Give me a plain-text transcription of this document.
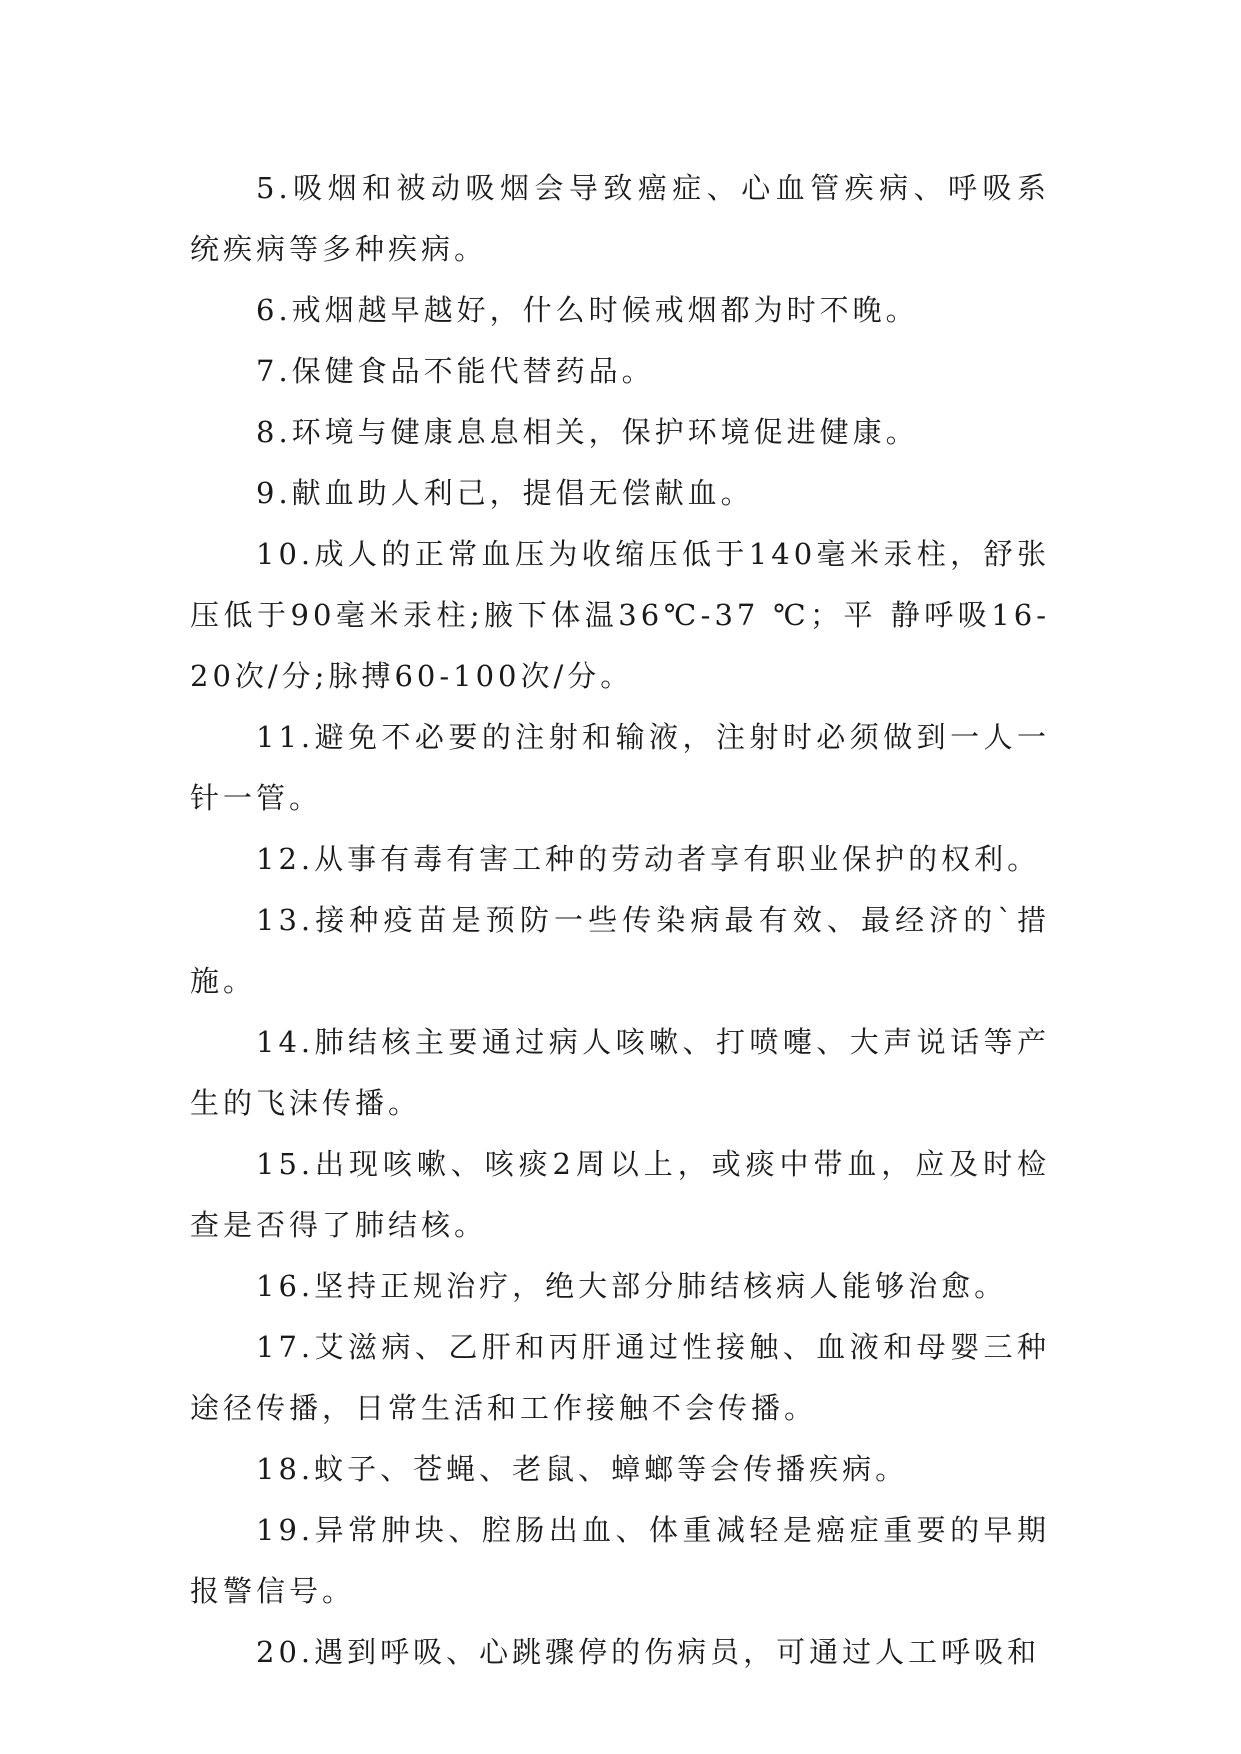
5.吸烟和被动吸烟会导致癌症、心血管疾病、呼吸系统疾病等多种疾病。

6.戒烟越早越好，什么时候戒烟都为时不晚。

7.保健食品不能代替药品。

8.环境与健康息息相关，保护环境促进健康。

9.献血助人利己，提倡无偿献血。

10.成人的正常血压为收缩压低于140毫米汞柱，舒张压低于90毫米汞柱;腋下体温36℃-37 ℃；平 静呼吸16-20次/分;脉搏60-100次/分。

11.避免不必要的注射和输液，注射时必须做到一人一针一管。

12.从事有毒有害工种的劳动者享有职业保护的权利。

13.接种疫苗是预防一些传染病最有效、最经济的`措施。

14.肺结核主要通过病人咳嗽、打喷嚏、大声说话等产生的飞沫传播。

15.出现咳嗽、咳痰2周以上，或痰中带血，应及时检查是否得了肺结核。

16.坚持正规治疗，绝大部分肺结核病人能够治愈。

17.艾滋病、乙肝和丙肝通过性接触、血液和母婴三种途径传播，日常生活和工作接触不会传播。

18.蚊子、苍蝇、老鼠、蟑螂等会传播疾病。

19.异常肿块、腔肠出血、体重减轻是癌症重要的早期报警信号。

20.遇到呼吸、心跳骤停的伤病员，可通过人工呼吸和
